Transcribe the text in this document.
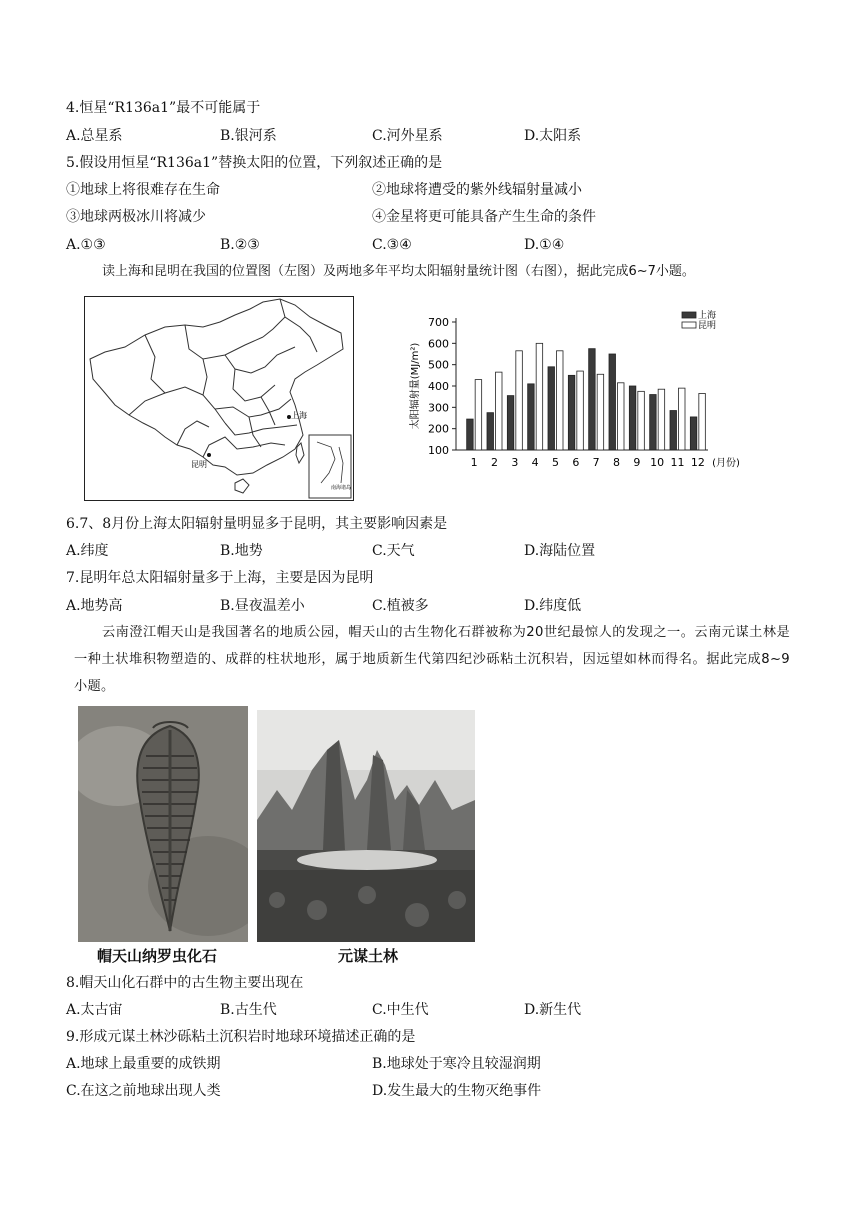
4.恒星“R136a1”最不可能属于
A.总星系	B.银河系	C.河外星系	D.太阳系
5.假设用恒星“R136a1”替换太阳的位置，下列叙述正确的是
①地球上将很难存在生命	②地球将遭受的紫外线辐射量减小
③地球两极冰川将减少	④金星将更可能具备产生生命的条件
A.①③	B.②③	C.③④	D.①④
读上海和昆明在我国的位置图（左图）及两地多年平均太阳辐射量统计图（右图），据此完成6~7小题。
上海
昆明
南海诸岛
100
200
300
400
500
600
700
太阳辐射量(MJ/m²)
1 2 3 4 5 6 7 8 9 10 11 12 (月份)
上海
昆明
6.7、8月份上海太阳辐射量明显多于昆明，其主要影响因素是
A.纬度	B.地势	C.天气	D.海陆位置
7.昆明年总太阳辐射量多于上海，主要是因为昆明
A.地势高	B.昼夜温差小	C.植被多	D.纬度低
云南澄江帽天山是我国著名的地质公园，帽天山的古生物化石群被称为20世纪最惊人的发现之一。云南元谋土林是一种土状堆积物塑造的、成群的柱状地形，属于地质新生代第四纪沙砾粘土沉积岩，因远望如林而得名。据此完成8~9小题。
帽天山纳罗虫化石	元谋土林
8.帽天山化石群中的古生物主要出现在
A.太古宙	B.古生代	C.中生代	D.新生代
9.形成元谋土林沙砾粘土沉积岩时地球环境描述正确的是
A.地球上最重要的成铁期	B.地球处于寒冷且较湿润期
C.在这之前地球出现人类	D.发生最大的生物灭绝事件
